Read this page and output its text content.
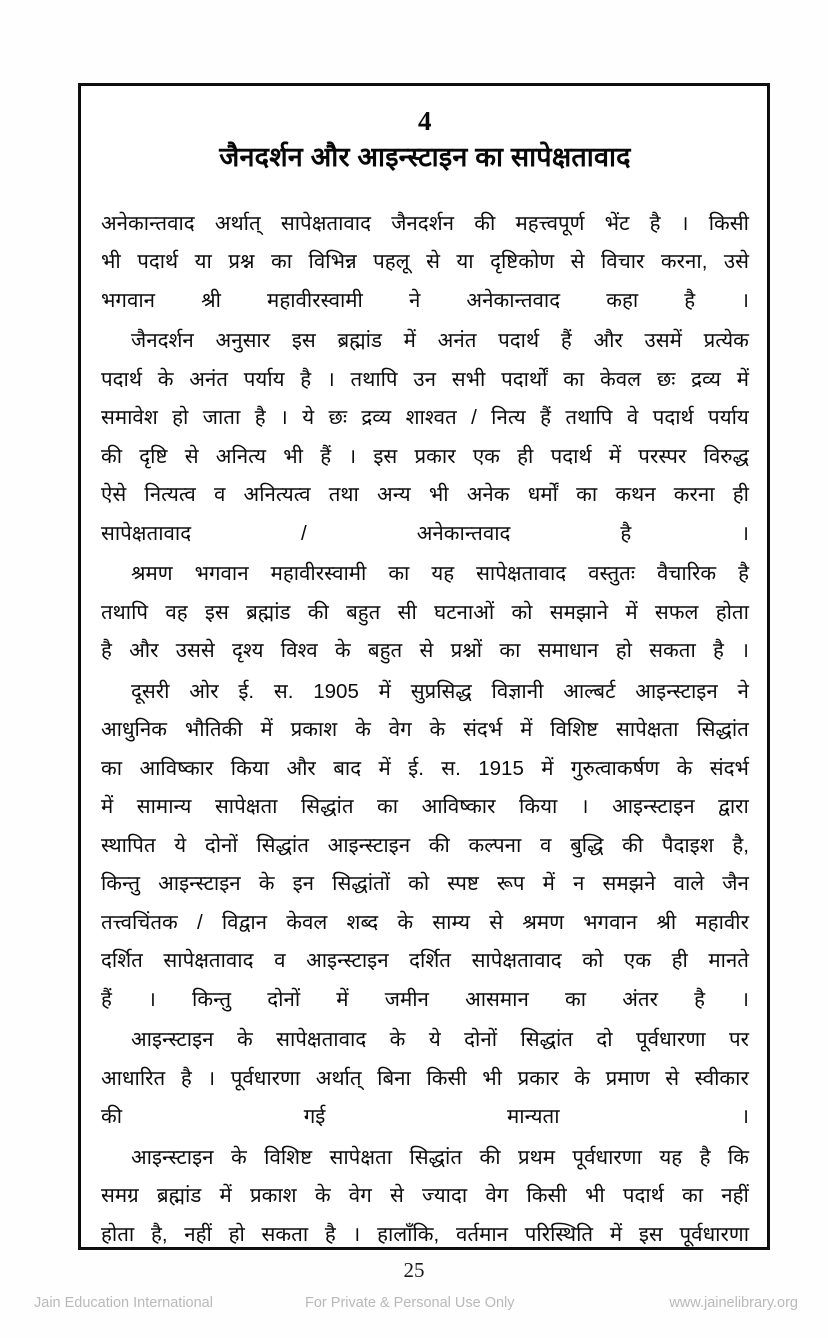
4
जैनदर्शन और आइन्स्टाइन का सापेक्षतावाद
अनेकान्तवाद अर्थात् सापेक्षतावाद जैनदर्शन की महत्त्वपूर्ण भेंट है । किसी
भी पदार्थ या प्रश्न का विभिन्न पहलू से या दृष्टिकोण से विचार करना, उसे
भगवान श्री महावीरस्वामी ने अनेकान्तवाद कहा है ।
जैनदर्शन अनुसार इस ब्रह्मांड में अनंत पदार्थ हैं और उसमें प्रत्येक
पदार्थ के अनंत पर्याय है । तथापि उन सभी पदार्थों का केवल छः द्रव्य में
समावेश हो जाता है । ये छः द्रव्य शाश्वत / नित्य हैं तथापि वे पदार्थ पर्याय
की दृष्टि से अनित्य भी हैं । इस प्रकार एक ही पदार्थ में परस्पर विरुद्ध
ऐसे नित्यत्व व अनित्यत्व तथा अन्य भी अनेक धर्मों का कथन करना ही
सापेक्षतावाद / अनेकान्तवाद है ।
श्रमण भगवान महावीरस्वामी का यह सापेक्षतावाद वस्तुतः वैचारिक है
तथापि वह इस ब्रह्मांड की बहुत सी घटनाओं को समझाने में सफल होता
है और उससे दृश्य विश्व के बहुत से प्रश्नों का समाधान हो सकता है ।
दूसरी ओर ई. स. 1905 में सुप्रसिद्ध विज्ञानी आल्बर्ट आइन्स्टाइन ने
आधुनिक भौतिकी में प्रकाश के वेग के संदर्भ में विशिष्ट सापेक्षता सिद्धांत
का आविष्कार किया और बाद में ई. स. 1915 में गुरुत्वाकर्षण के संदर्भ
में सामान्य सापेक्षता सिद्धांत का आविष्कार किया । आइन्स्टाइन द्वारा
स्थापित ये दोनों सिद्धांत आइन्स्टाइन की कल्पना व बुद्धि की पैदाइश है,
किन्तु आइन्स्टाइन के इन सिद्धांतों को स्पष्ट रूप में न समझने वाले जैन
तत्त्वचिंतक / विद्वान केवल शब्द के साम्य से श्रमण भगवान श्री महावीर
दर्शित सापेक्षतावाद व आइन्स्टाइन दर्शित सापेक्षतावाद को एक ही मानते
हैं । किन्तु दोनों में जमीन आसमान का अंतर है ।
आइन्स्टाइन के सापेक्षतावाद के ये दोनों सिद्धांत दो पूर्वधारणा पर
आधारित है । पूर्वधारणा अर्थात् बिना किसी भी प्रकार के प्रमाण से स्वीकार
की गई मान्यता ।
आइन्स्टाइन के विशिष्ट सापेक्षता सिद्धांत की प्रथम पूर्वधारणा यह है कि
समग्र ब्रह्मांड में प्रकाश के वेग से ज्यादा वेग किसी भी पदार्थ का नहीं
होता है, नहीं हो सकता है । हालाँकि, वर्तमान परिस्थिति में इस पूर्वधारणा
25
Jain Education International	For Private & Personal Use Only	www.jainelibrary.org
